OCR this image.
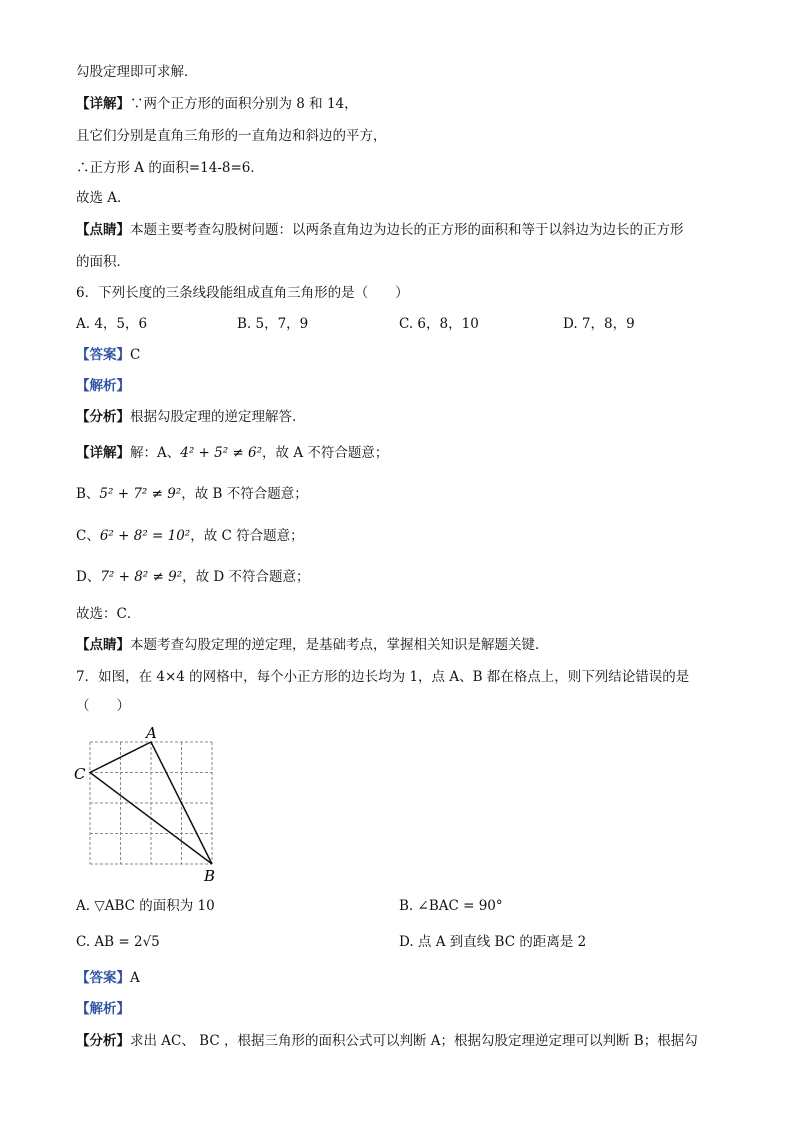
勾股定理即可求解．
【详解】∵两个正方形的面积分别为 8 和 14，
且它们分别是直角三角形的一直角边和斜边的平方，
∴正方形 A 的面积=14-8=6．
故选 A．
【点睛】本题主要考查勾股树问题：以两条直角边为边长的正方形的面积和等于以斜边为边长的正方形
的面积．
6．下列长度的三条线段能组成直角三角形的是（　　）
A. 4，5，6	B. 5，7，9	C. 6，8，10	D. 7，8，9
【答案】C
【解析】
【分析】根据勾股定理的逆定理解答．
【详解】解：A、4² + 5² ≠ 6²，故 A 不符合题意；
B、5² + 7² ≠ 9²，故 B 不符合题意；
C、6² + 8² = 10²，故 C 符合题意；
D、7² + 8² ≠ 9²，故 D 不符合题意；
故选：C．
【点睛】本题考查勾股定理的逆定理，是基础考点，掌握相关知识是解题关键．
7．如图，在 4×4 的网格中，每个小正方形的边长均为 1，点 A、B 都在格点上，则下列结论错误的是
（　　）
A
C
B
A. ▽ABC 的面积为 10	B. ∠BAC = 90°
C. AB = 2√5	D. 点 A 到直线 BC 的距离是 2
【答案】A
【解析】
【分析】求出 AC、 BC ，根据三角形的面积公式可以判断 A；根据勾股定理逆定理可以判断 B；根据勾
